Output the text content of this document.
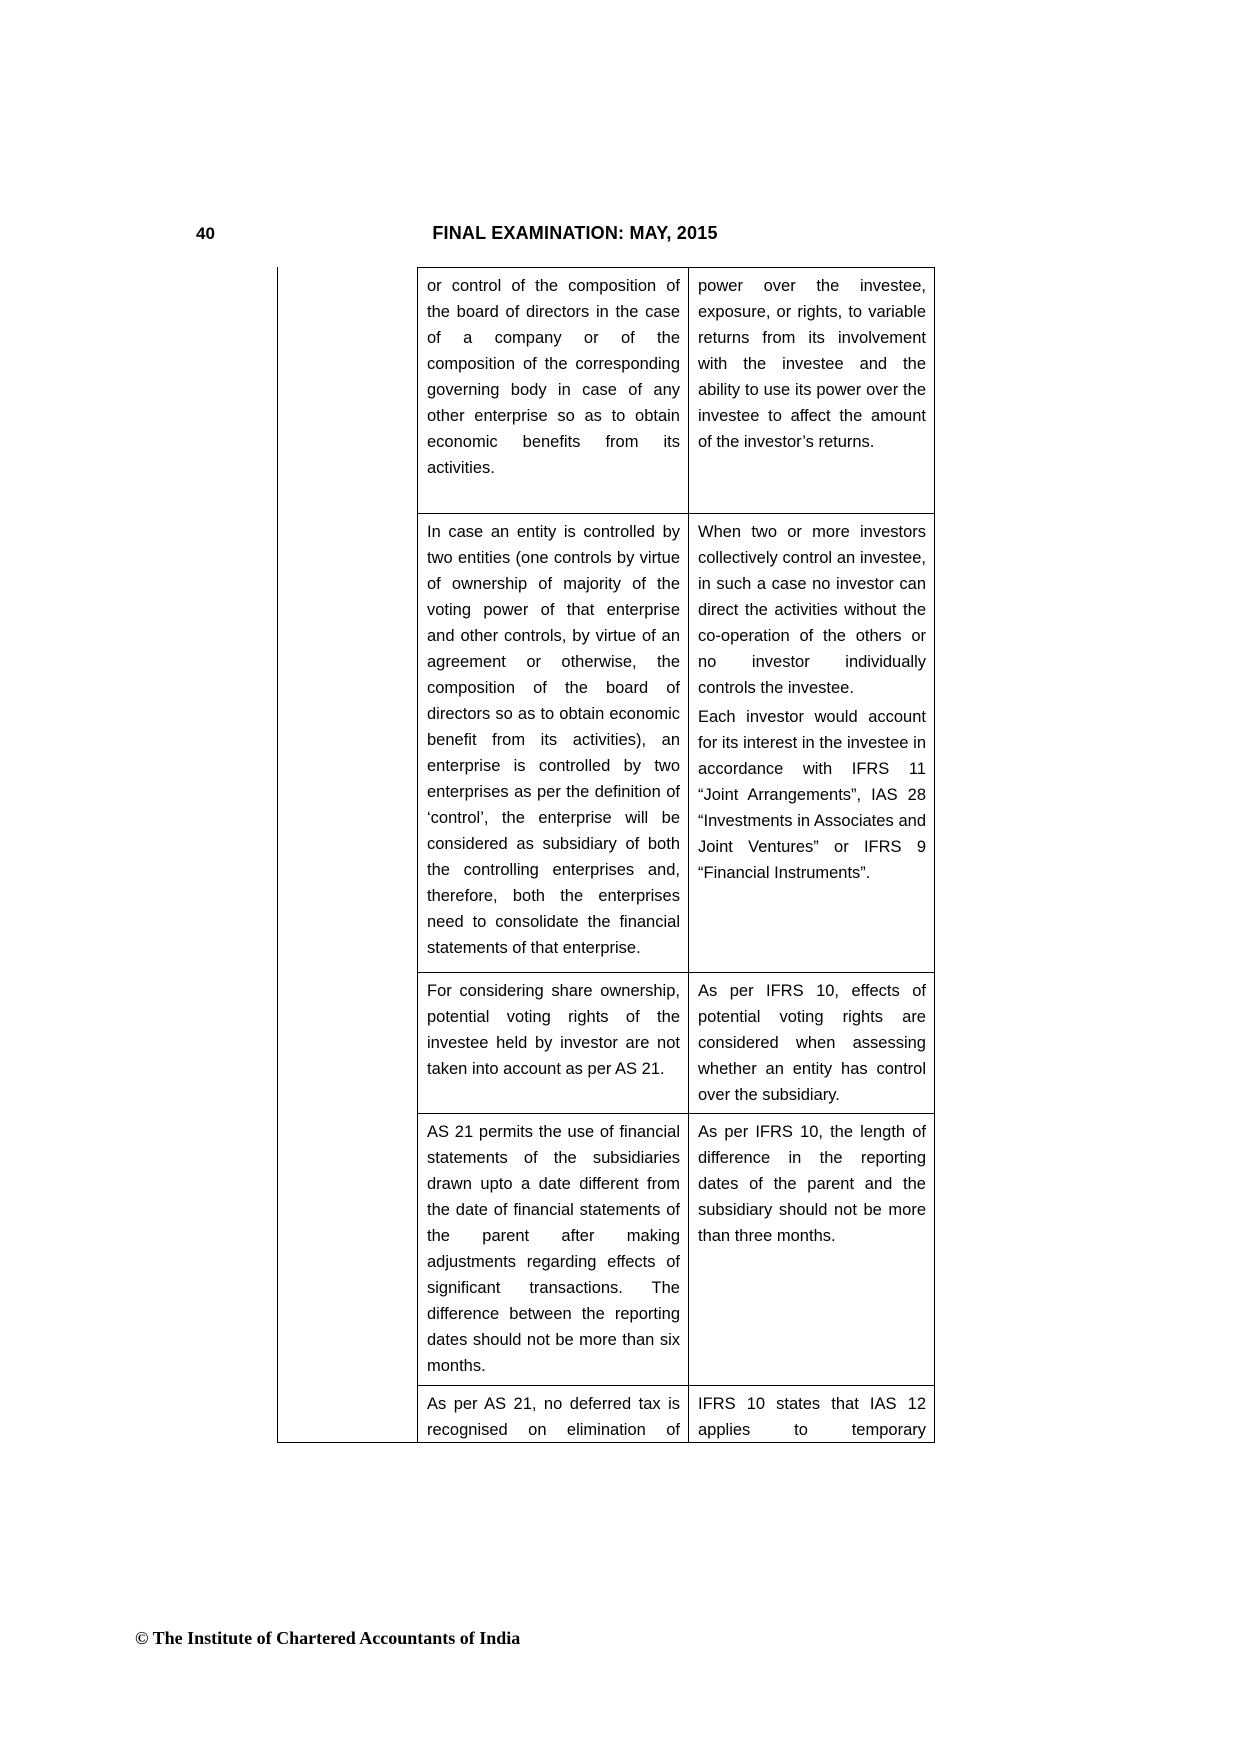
40	FINAL EXAMINATION: MAY, 2015

or control of the composition of the board of directors in the case of a company or of the composition of the corresponding governing body in case of any other enterprise so as to obtain economic benefits from its activities.

power over the investee, exposure, or rights, to variable returns from its involvement with the investee and the ability to use its power over the investee to affect the amount of the investor’s returns.

In case an entity is controlled by two entities (one controls by virtue of ownership of majority of the voting power of that enterprise and other controls, by virtue of an agreement or otherwise, the composition of the board of directors so as to obtain economic benefit from its activities), an enterprise is controlled by two enterprises as per the definition of ‘control’, the enterprise will be considered as subsidiary of both the controlling enterprises and, therefore, both the enterprises need to consolidate the financial statements of that enterprise.

When two or more investors collectively control an investee, in such a case no investor can direct the activities without the co-operation of the others or no investor individually controls the investee.

Each investor would account for its interest in the investee in accordance with IFRS 11 “Joint Arrangements”, IAS 28 “Investments in Associates and Joint Ventures” or IFRS 9 “Financial Instruments”.

For considering share ownership, potential voting rights of the investee held by investor are not taken into account as per AS 21.

As per IFRS 10, effects of potential voting rights are considered when assessing whether an entity has control over the subsidiary.

AS 21 permits the use of financial statements of the subsidiaries drawn upto a date different from the date of financial statements of the parent after making adjustments regarding effects of significant transactions. The difference between the reporting dates should not be more than six months.

As per IFRS 10, the length of difference in the reporting dates of the parent and the subsidiary should not be more than three months.

As per AS 21, no deferred tax is recognised on elimination of

IFRS 10 states that IAS 12 applies to temporary

© The Institute of Chartered Accountants of India
